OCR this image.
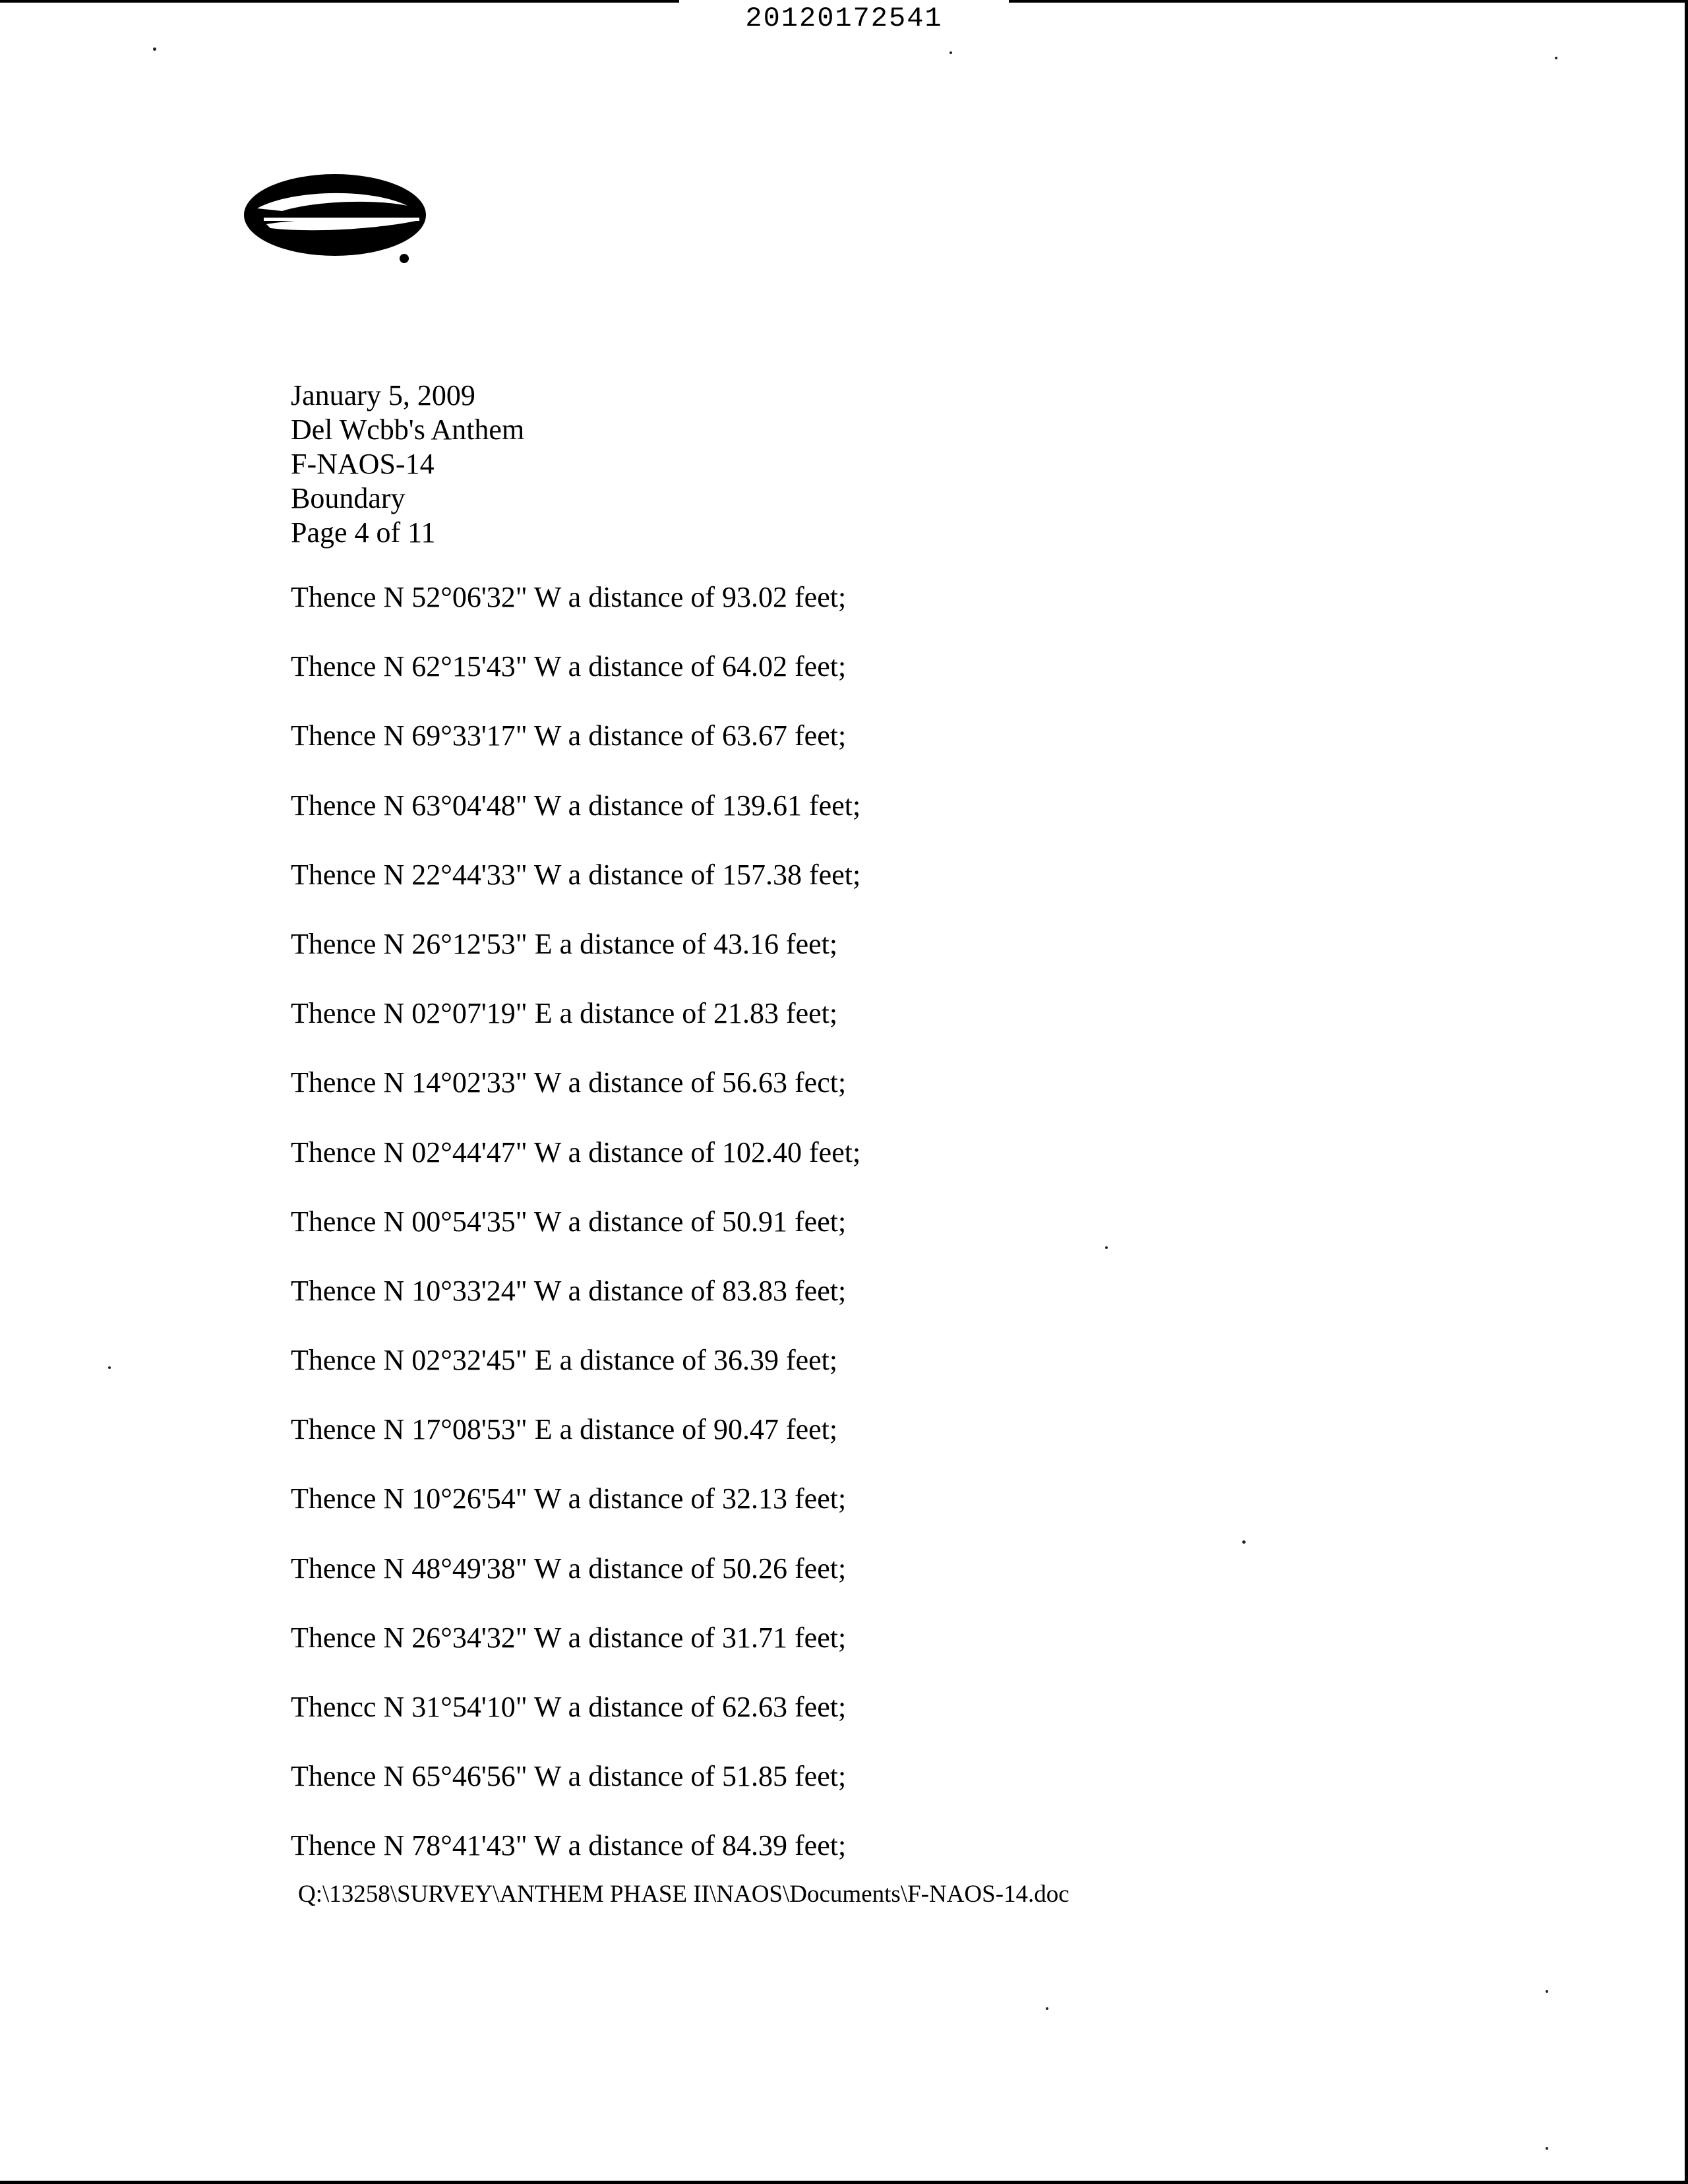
20120172541
January 5, 2009
Del Wcbb's Anthem
F-NAOS-14
Boundary
Page 4 of 11
Thence N 52°06'32" W a distance of 93.02 feet;
Thence N 62°15'43" W a distance of 64.02 feet;
Thence N 69°33'17" W a distance of 63.67 feet;
Thence N 63°04'48" W a distance of 139.61 feet;
Thence N 22°44'33" W a distance of 157.38 feet;
Thence N 26°12'53" E a distance of 43.16 feet;
Thence N 02°07'19" E a distance of 21.83 feet;
Thence N 14°02'33" W a distance of 56.63 fect;
Thence N 02°44'47" W a distance of 102.40 feet;
Thence N 00°54'35" W a distance of 50.91 feet;
Thence N 10°33'24" W a distance of 83.83 feet;
Thence N 02°32'45" E a distance of 36.39 feet;
Thence N 17°08'53" E a distance of 90.47 feet;
Thence N 10°26'54" W a distance of 32.13 feet;
Thence N 48°49'38" W a distance of 50.26 feet;
Thence N 26°34'32" W a distance of 31.71 feet;
Thencc N 31°54'10" W a distance of 62.63 feet;
Thence N 65°46'56" W a distance of 51.85 feet;
Thence N 78°41'43" W a distance of 84.39 feet;
Q:\13258\SURVEY\ANTHEM PHASE II\NAOS\Documents\F-NAOS-14.doc
